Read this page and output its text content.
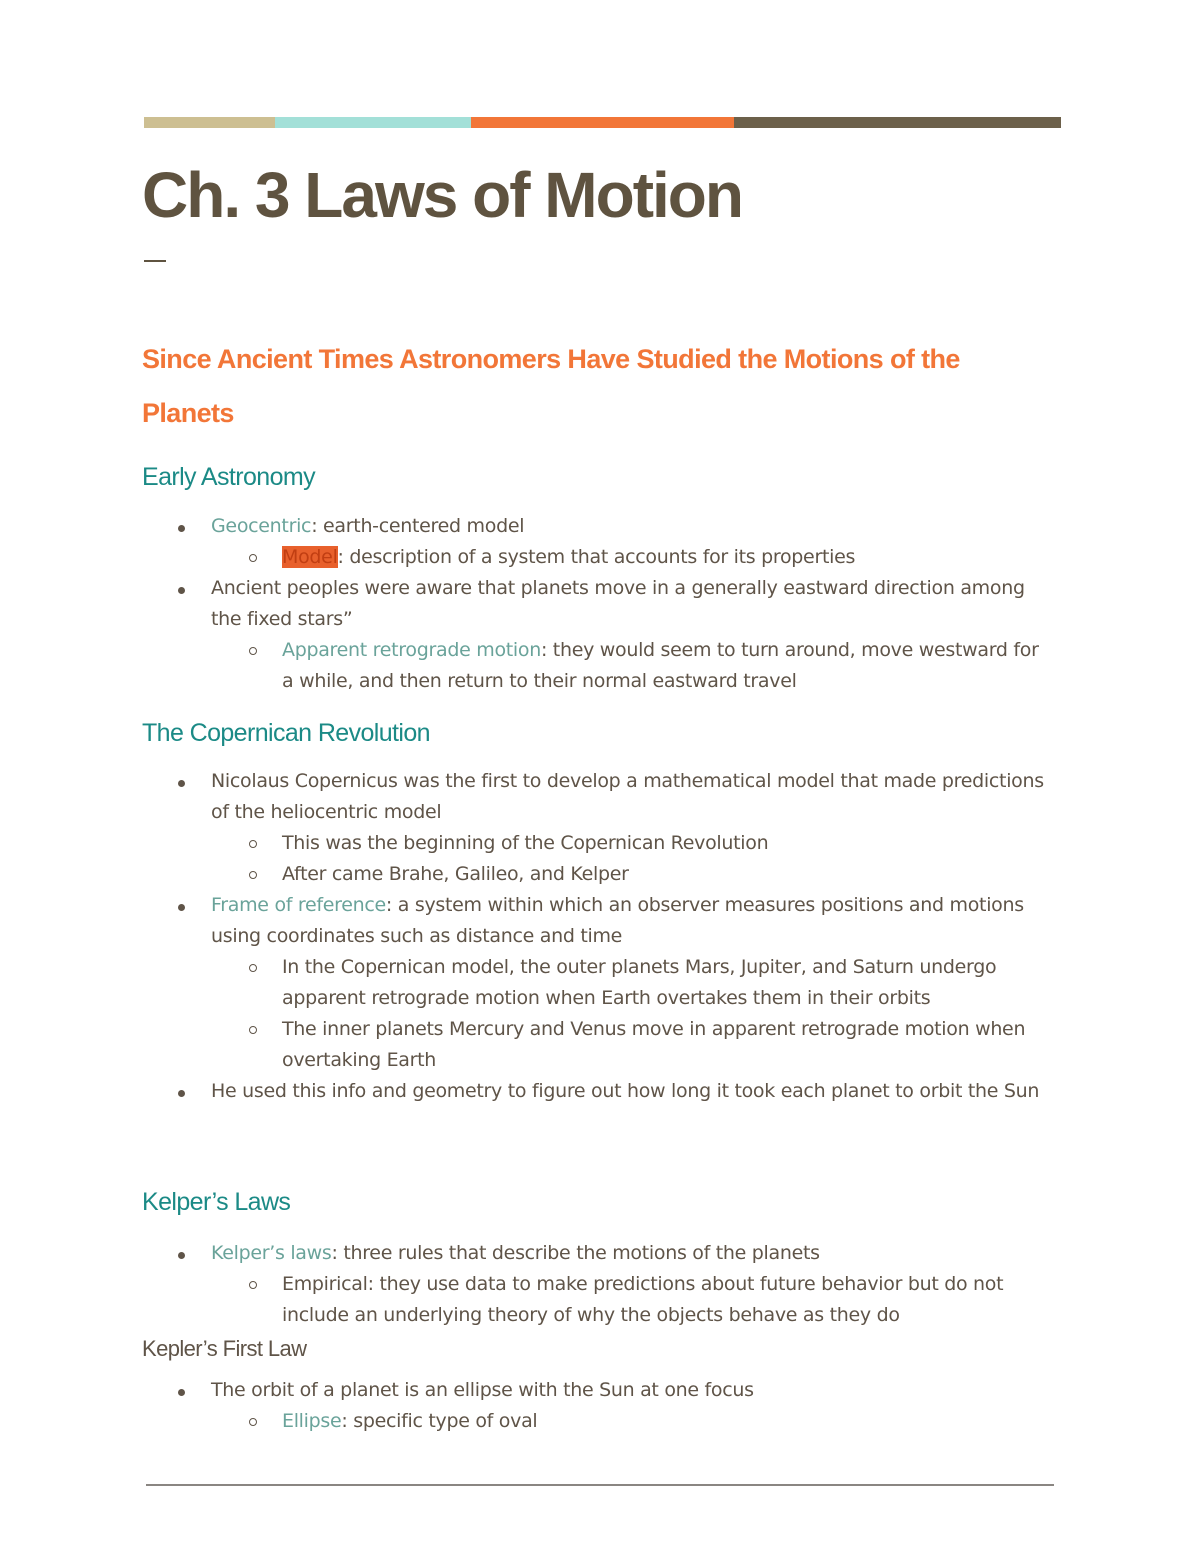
Ch. 3 Laws of Motion
Since Ancient Times Astronomers Have Studied the Motions of the Planets
Early Astronomy
Geocentric: earth-centered model
Model: description of a system that accounts for its properties
Ancient peoples were aware that planets move in a generally eastward direction among the fixed stars”
Apparent retrograde motion: they would seem to turn around, move westward for a while, and then return to their normal eastward travel
The Copernican Revolution
Nicolaus Copernicus was the first to develop a mathematical model that made predictions of the heliocentric model
This was the beginning of the Copernican Revolution
After came Brahe, Galileo, and Kelper
Frame of reference: a system within which an observer measures positions and motions using coordinates such as distance and time
In the Copernican model, the outer planets Mars, Jupiter, and Saturn undergo apparent retrograde motion when Earth overtakes them in their orbits
The inner planets Mercury and Venus move in apparent retrograde motion when overtaking Earth
He used this info and geometry to figure out how long it took each planet to orbit the Sun
Kelper’s Laws
Kelper’s laws: three rules that describe the motions of the planets
Empirical: they use data to make predictions about future behavior but do not include an underlying theory of why the objects behave as they do
Kepler’s First Law
The orbit of a planet is an ellipse with the Sun at one focus
Ellipse: specific type of oval
